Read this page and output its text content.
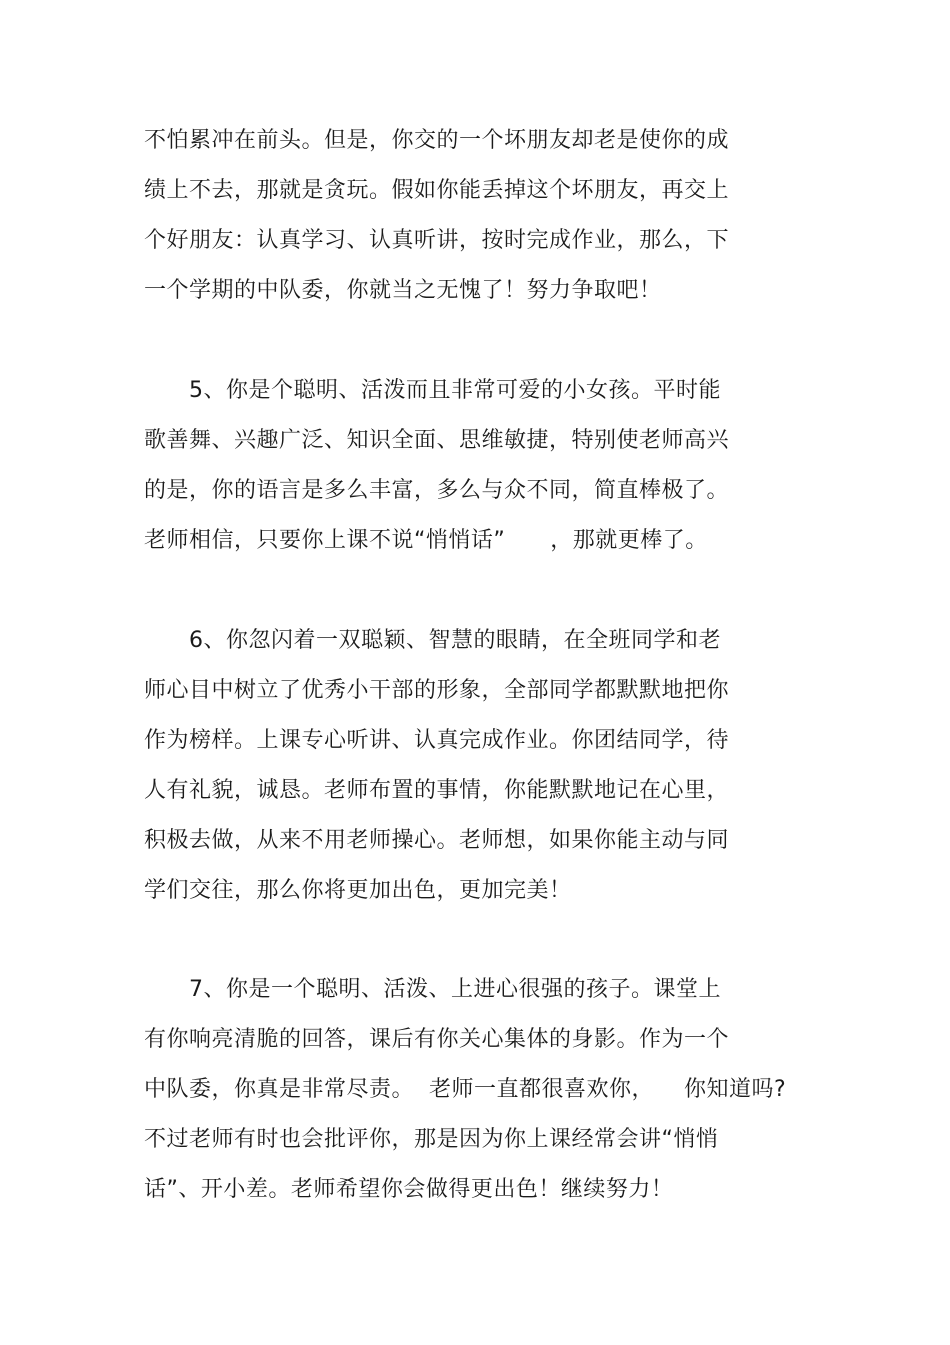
不怕累冲在前头。但是，你交的一个坏朋友却老是使你的成
绩上不去，那就是贪玩。假如你能丢掉这个坏朋友，再交上
个好朋友：认真学习、认真听讲，按时完成作业，那么，下
一个学期的中队委，你就当之无愧了！努力争取吧！
5、你是个聪明、活泼而且非常可爱的小女孩。平时能
歌善舞、兴趣广泛、知识全面、思维敏捷，特别使老师高兴
的是，你的语言是多么丰富，多么与众不同，简直棒极了。
老师相信，只要你上课不说“悄悄话”      ，那就更棒了。
6、你忽闪着一双聪颖、智慧的眼睛，在全班同学和老
师心目中树立了优秀小干部的形象，全部同学都默默地把你
作为榜样。上课专心听讲、认真完成作业。你团结同学，待
人有礼貌，诚恳。老师布置的事情，你能默默地记在心里，
积极去做，从来不用老师操心。老师想，如果你能主动与同
学们交往，那么你将更加出色，更加完美！
7、你是一个聪明、活泼、上进心很强的孩子。课堂上
有你响亮清脆的回答，课后有你关心集体的身影。作为一个
中队委，你真是非常尽责。  老师一直都很喜欢你，    你知道吗?
不过老师有时也会批评你，那是因为你上课经常会讲“悄悄
话”、开小差。老师希望你会做得更出色！继续努力！
